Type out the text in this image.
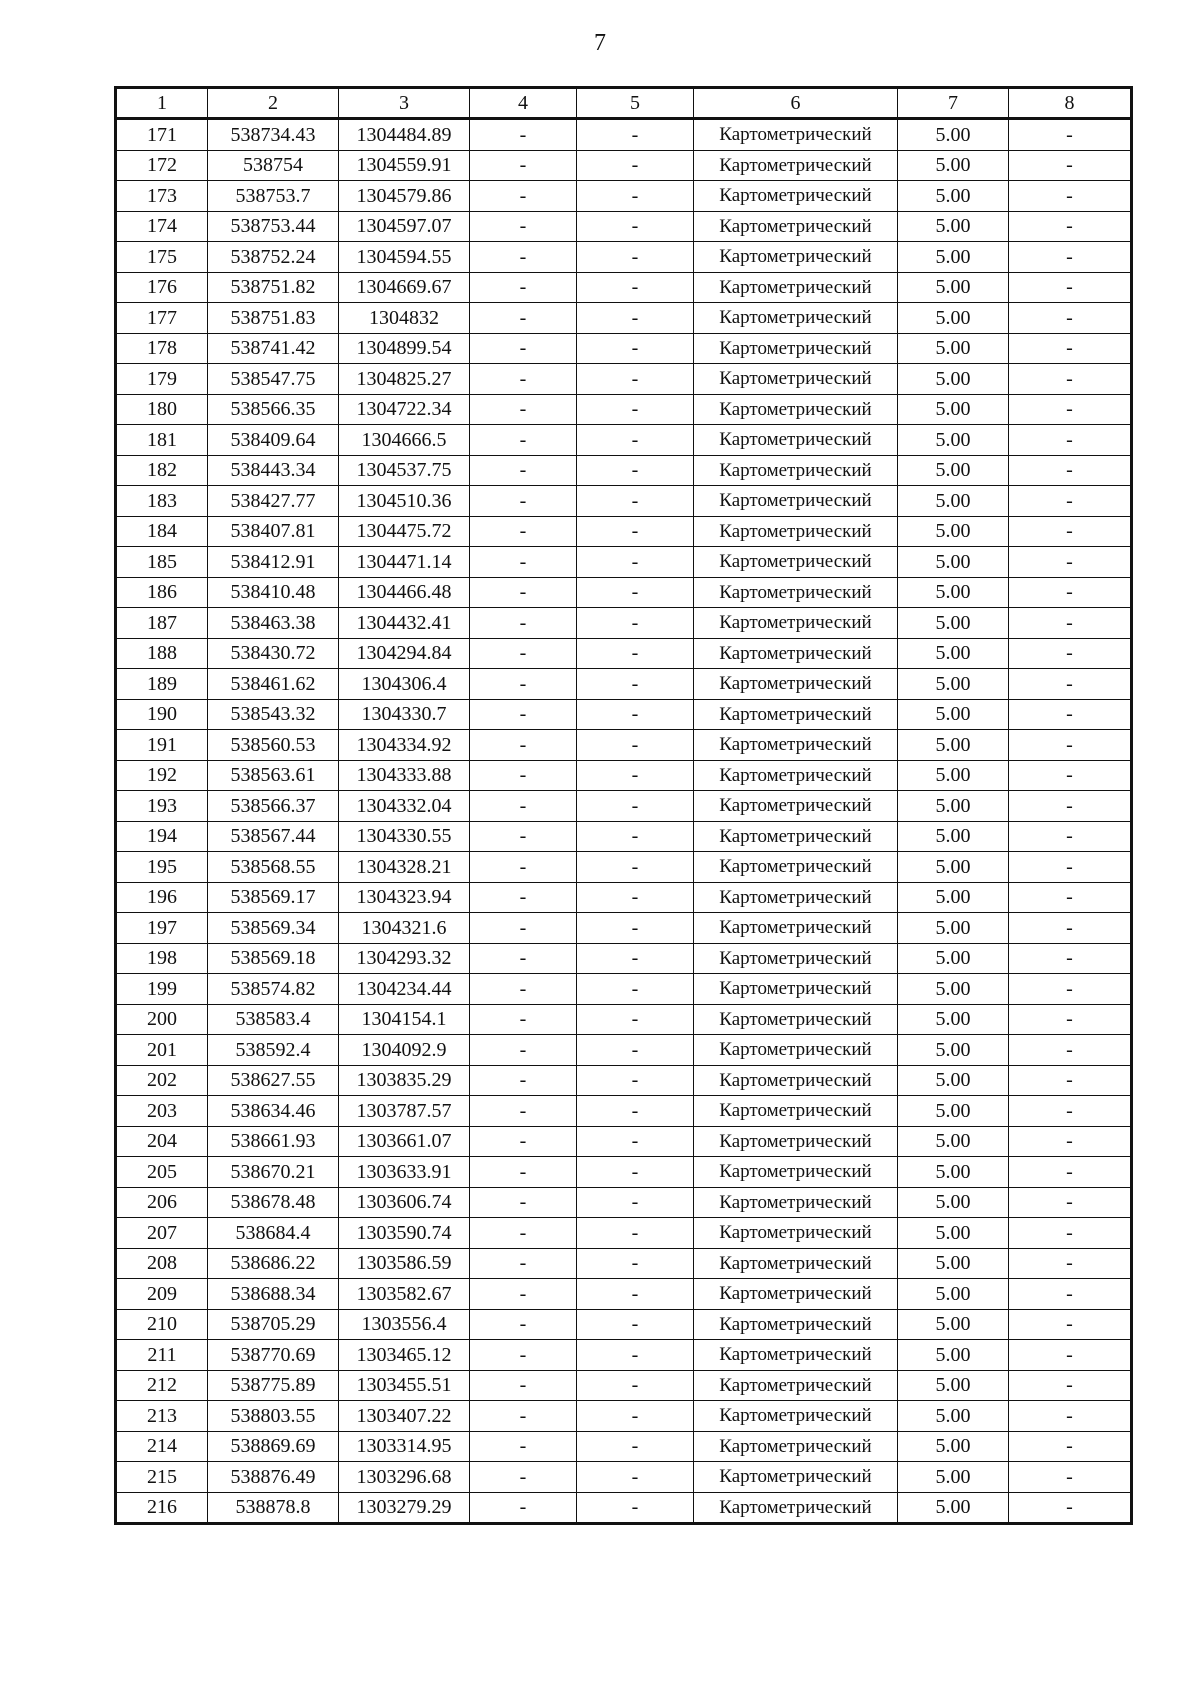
7
1	2	3	4	5	6	7	8
171	538734.43	1304484.89	-	-	Картометрический	5.00	-
172	538754	1304559.91	-	-	Картометрический	5.00	-
173	538753.7	1304579.86	-	-	Картометрический	5.00	-
174	538753.44	1304597.07	-	-	Картометрический	5.00	-
175	538752.24	1304594.55	-	-	Картометрический	5.00	-
176	538751.82	1304669.67	-	-	Картометрический	5.00	-
177	538751.83	1304832	-	-	Картометрический	5.00	-
178	538741.42	1304899.54	-	-	Картометрический	5.00	-
179	538547.75	1304825.27	-	-	Картометрический	5.00	-
180	538566.35	1304722.34	-	-	Картометрический	5.00	-
181	538409.64	1304666.5	-	-	Картометрический	5.00	-
182	538443.34	1304537.75	-	-	Картометрический	5.00	-
183	538427.77	1304510.36	-	-	Картометрический	5.00	-
184	538407.81	1304475.72	-	-	Картометрический	5.00	-
185	538412.91	1304471.14	-	-	Картометрический	5.00	-
186	538410.48	1304466.48	-	-	Картометрический	5.00	-
187	538463.38	1304432.41	-	-	Картометрический	5.00	-
188	538430.72	1304294.84	-	-	Картометрический	5.00	-
189	538461.62	1304306.4	-	-	Картометрический	5.00	-
190	538543.32	1304330.7	-	-	Картометрический	5.00	-
191	538560.53	1304334.92	-	-	Картометрический	5.00	-
192	538563.61	1304333.88	-	-	Картометрический	5.00	-
193	538566.37	1304332.04	-	-	Картометрический	5.00	-
194	538567.44	1304330.55	-	-	Картометрический	5.00	-
195	538568.55	1304328.21	-	-	Картометрический	5.00	-
196	538569.17	1304323.94	-	-	Картометрический	5.00	-
197	538569.34	1304321.6	-	-	Картометрический	5.00	-
198	538569.18	1304293.32	-	-	Картометрический	5.00	-
199	538574.82	1304234.44	-	-	Картометрический	5.00	-
200	538583.4	1304154.1	-	-	Картометрический	5.00	-
201	538592.4	1304092.9	-	-	Картометрический	5.00	-
202	538627.55	1303835.29	-	-	Картометрический	5.00	-
203	538634.46	1303787.57	-	-	Картометрический	5.00	-
204	538661.93	1303661.07	-	-	Картометрический	5.00	-
205	538670.21	1303633.91	-	-	Картометрический	5.00	-
206	538678.48	1303606.74	-	-	Картометрический	5.00	-
207	538684.4	1303590.74	-	-	Картометрический	5.00	-
208	538686.22	1303586.59	-	-	Картометрический	5.00	-
209	538688.34	1303582.67	-	-	Картометрический	5.00	-
210	538705.29	1303556.4	-	-	Картометрический	5.00	-
211	538770.69	1303465.12	-	-	Картометрический	5.00	-
212	538775.89	1303455.51	-	-	Картометрический	5.00	-
213	538803.55	1303407.22	-	-	Картометрический	5.00	-
214	538869.69	1303314.95	-	-	Картометрический	5.00	-
215	538876.49	1303296.68	-	-	Картометрический	5.00	-
216	538878.8	1303279.29	-	-	Картометрический	5.00	-
